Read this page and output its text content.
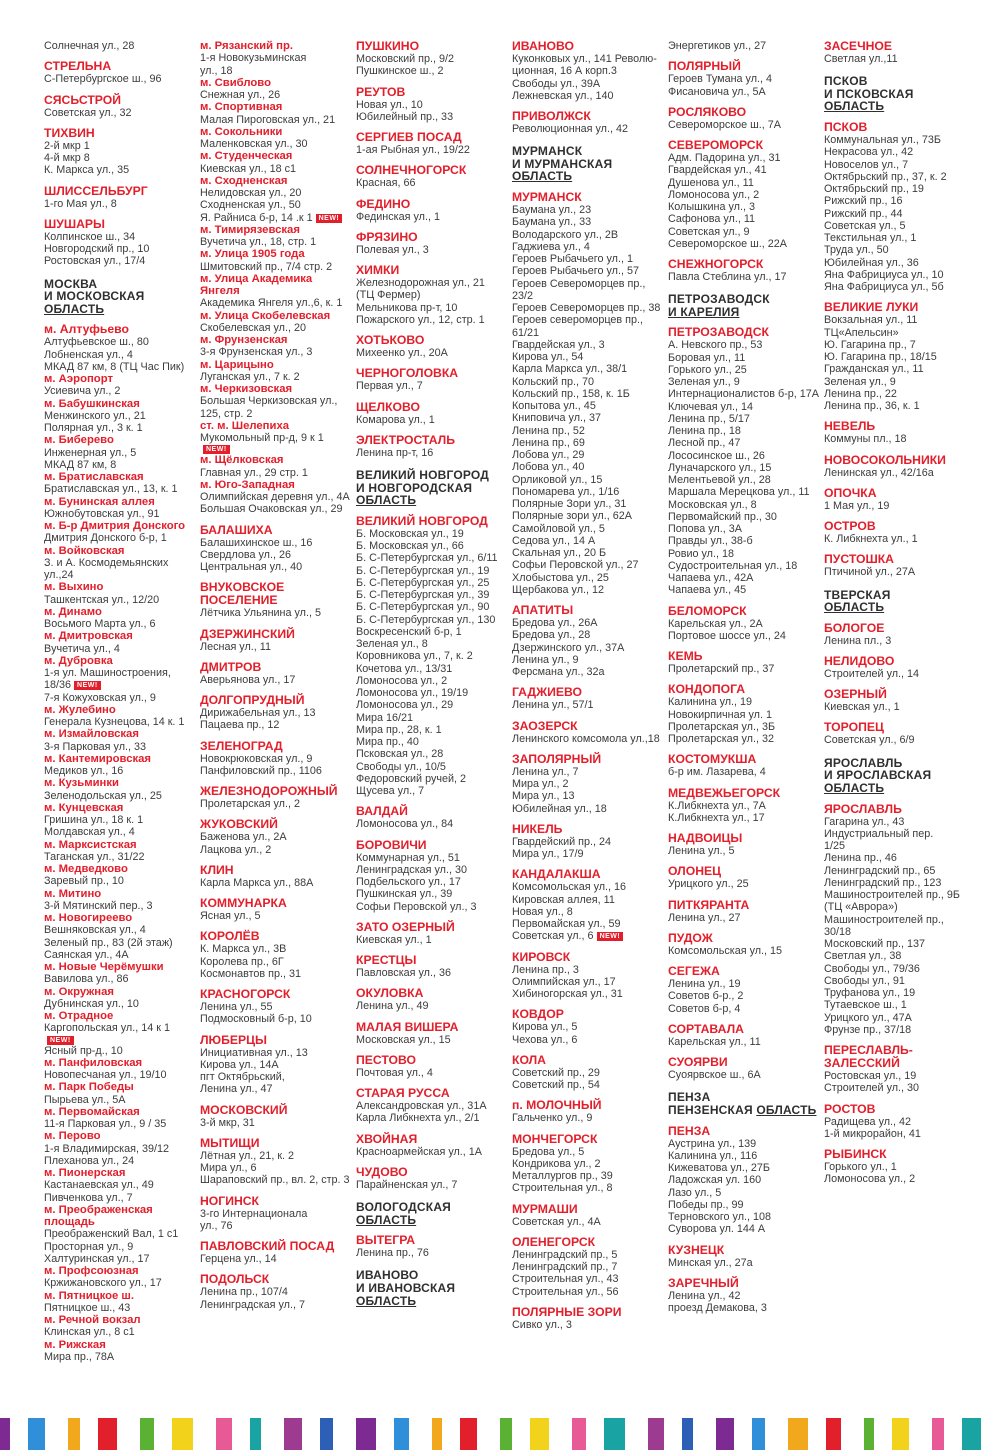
Солнечная ул., 28
СТРЕЛЬНА
С-Петербургское ш., 96
СЯСЬСТРОЙ
Советская ул., 32
ТИХВИН
2-й мкр 1
4-й мкр 8
К. Маркса ул., 35
ШЛИССЕЛЬБУРГ
1-го Мая ул., 8
ШУШАРЫ
Колпинское ш., 34
Новгородский пр., 10
Ростовская ул., 17/4
МОСКВА
И МОСКОВСКАЯ
ОБЛАСТЬ
м. Алтуфьево
Алтуфьевское ш., 80
Лобненская ул., 4
МКАД 87 км, 8 (ТЦ Час Пик)
м. Аэропорт
Усиевича ул., 2
м. Бабушкинская
Менжинского ул., 21
Полярная ул., 3 к. 1
м. Биберево
Инженерная ул., 5
МКАД 87 км, 8
м. Братиславская
Братиславская ул., 13, к. 1
м. Бунинская аллея
Южнобутовская ул., 91
м. Б-р Дмитрия Донского
Дмитрия Донского б-р, 1
м. Войковская
З. и А. Космодемьянских
ул.,24
м. Выхино
Ташкентская ул., 12/20
м. Динамо
Восьмого Марта ул., 6
м. Дмитровская
Вучетича ул., 4
м. Дубровка
1-я ул. Машиностроения,
18/36 NEW!
7-я Кожуховская ул., 9
м. Жулебино
Генерала Кузнецова, 14 к. 1
м. Измайловская
3-я Парковая ул., 33
м. Кантемировская
Медиков ул., 16
м. Кузьминки
Зеленодольская ул., 25
м. Кунцевская
Гришина ул., 18 к. 1
Молдавская ул., 4
м. Марксистская
Таганская ул., 31/22
м. Медведково
Заревый пр., 10
м. Митино
3-й Мятинский пер., 3
м. Новогиреево
Вешняковская ул., 4
Зеленый пр., 83 (2й этаж)
Саянская ул., 4А
м. Новые Черёмушки
Вавилова ул., 86
м. Окружная
Дубнинская ул., 10
м. Отрадное
Каргопольская ул., 14 к 1
NEW!
Ясный пр-д., 10
м. Панфиловская
Новопесчаная ул., 19/10
м. Парк Победы
Пырьева ул., 5А
м. Первомайская
11-я Парковая ул., 9 / 35
м. Перово
1-я Владимирская, 39/12
Плеханова ул., 24
м. Пионерская
Кастанаевская ул., 49
Пивченкова ул., 7
м. Преображенская
площадь
Преображенский Вал, 1 с1
Просторная ул., 9
Халтуринская ул., 17
м. Профсоюзная
Кржижановского ул., 17
м. Пятницкое ш.
Пятницкое ш., 43
м. Речной вокзал
Клинская ул., 8 с1
м. Рижская
Мира пр., 78А
м. Рязанский пр.
1-я Новокузьминская
ул., 18
м. Свиблово
Снежная ул., 26
м. Спортивная
Малая Пироговская ул., 21
м. Сокольники
Маленковская ул., 30
м. Студенческая
Киевская ул., 18 с1
м. Сходненская
Нелидовская ул., 20
Сходненская ул., 50
Я. Райниса б-р, 14 .к 1 NEW!
м. Тимирязевская
Вучетича ул., 18, стр. 1
м. Улица 1905 года
Шмитовский пр., 7/4 стр. 2
м. Улица Академика
Янгеля
Академика Янгеля ул.,6, к. 1
м. Улица Скобелевская
Скобелевская ул., 20
м. Фрунзенская
3-я Фрунзенская ул., 3
м. Царицыно
Луганская ул., 7 к. 2
м. Черкизовская
Большая Черкизовская ул.,
125, стр. 2
ст. м. Шелепиха
Мукомольный пр-д, 9 к 1
NEW!
м. Щёлковская
Главная ул., 29 стр. 1
м. Юго-Западная
Олимпийская деревня ул., 4А
Большая Очаковская ул., 29
БАЛАШИХА
Балашихинское ш., 16
Свердлова ул., 26
Центральная ул., 40
ВНУКОВСКОЕ
ПОСЕЛЕНИЕ
Лётчика Ульянина ул., 5
ДЗЕРЖИНСКИЙ
Лесная ул., 11
ДМИТРОВ
Аверьянова ул., 17
ДОЛГОПРУДНЫЙ
Дирижабельная ул., 13
Пацаева пр., 12
ЗЕЛЕНОГРАД
Новокрюковская ул., 9
Панфиловский пр., 1106
ЖЕЛЕЗНОДОРОЖНЫЙ
Пролетарская ул., 2
ЖУКОВСКИЙ
Баженова ул., 2А
Лацкова ул., 2
КЛИН
Карла Маркса ул., 88А
КОММУНАРКА
Ясная ул., 5
КОРОЛЁВ
К. Маркса ул., 3В
Королева пр., 6Г
Космонавтов пр., 31
КРАСНОГОРСК
Ленина ул., 55
Подмосковный б-р, 10
ЛЮБЕРЦЫ
Инициативная ул., 13
Кирова ул., 14А
пгт Октябрьский,
Ленина ул., 47
МОСКОВСКИЙ
3-й мкр, 31
МЫТИЩИ
Лётная ул., 21, к. 2
Мира ул., 6
Шараповский пр., вл. 2, стр. 3
НОГИНСК
3-го Интернационала
ул., 76
ПАВЛОВСКИЙ ПОСАД
Герцена ул., 14
ПОДОЛЬСК
Ленина пр., 107/4
Ленинградская ул., 7
ПУШКИНО
Московский пр., 9/2
Пушкинское ш., 2
РЕУТОВ
Новая ул., 10
Юбилейный пр., 33
СЕРГИЕВ ПОСАД
1-ая Рыбная ул., 19/22
СОЛНЕЧНОГОРСК
Красная, 66
ФЕДИНО
Фединская ул., 1
ФРЯЗИНО
Полевая ул., 3
ХИМКИ
Железнодорожная ул., 21
(ТЦ Фермер)
Мельникова пр-т, 10
Пожарского ул., 12, стр. 1
ХОТЬКОВО
Михеенко ул., 20А
ЧЕРНОГОЛОВКА
Первая ул., 7
ЩЕЛКОВО
Комарова ул., 1
ЭЛЕКТРОСТАЛЬ
Ленина пр-т, 16
ВЕЛИКИЙ НОВГОРОД
И НОВГОРОДСКАЯ
ОБЛАСТЬ
ВЕЛИКИЙ НОВГОРОД
Б. Московская ул., 19
Б. Московская ул., 66
Б. С-Петербургская ул., 6/11
Б. С-Петербургская ул., 19
Б. С-Петербургская ул., 25
Б. С-Петербургская ул., 39
Б. С-Петербургская ул., 90
Б. С-Петербургская ул., 130
Воскресенский б-р, 1
Зеленая ул., 8
Коровникова ул., 7, к. 2
Кочетова ул., 13/31
Ломоносова ул., 2
Ломоносова ул., 19/19
Ломоносова ул., 29
Мира 16/21
Мира пр., 28, к. 1
Мира пр., 40
Псковская ул., 28
Свободы ул., 10/5
Федоровский ручей, 2
Щусева ул., 7
ВАЛДАЙ
Ломоносова ул., 84
БОРОВИЧИ
Коммунарная ул., 51
Ленинградская ул., 30
Подбельского ул., 17
Пушкинская ул., 39
Софьи Перовской ул., 3
ЗАТО ОЗЕРНЫЙ
Киевская ул., 1
КРЕСТЦЫ
Павловская ул., 36
ОКУЛОВКА
Ленина ул., 49
МАЛАЯ ВИШЕРА
Московская ул., 15
ПЕСТОВО
Почтовая ул., 4
СТАРАЯ РУССА
Александровская ул., 31А
Карла Либкнехта ул., 2/1
ХВОЙНАЯ
Красноармейская ул., 1А
ЧУДОВО
Парайненская ул., 7
ВОЛОГОДСКАЯ
ОБЛАСТЬ
ВЫТЕГРА
Ленина пр., 76
ИВАНОВО
И ИВАНОВСКАЯ
ОБЛАСТЬ
ИВАНОВО
Куконковых ул., 141 Револю-
ционная, 16 А корп.3
Свободы ул., 39А
Лежневская ул., 140
ПРИВОЛЖСК
Революционная ул., 42
МУРМАНСК
И МУРМАНСКАЯ
ОБЛАСТЬ
МУРМАНСК
Баумана ул., 23
Баумана ул., 33
Володарского ул., 2В
Гаджиева ул., 4
Героев Рыбачьего ул., 1
Героев Рыбачьего ул., 57
Героев Североморцев пр.,
23/2
Героев Североморцев пр., 38
Героев североморцев пр.,
61/21
Гвардейская ул., 3
Кирова ул., 54
Карла Маркса ул., 38/1
Кольский пр., 70
Кольский пр., 158, к. 1Б
Копытова ул., 45
Книповича ул., 37
Ленина пр., 52
Ленина пр., 69
Лобова ул., 29
Лобова ул., 40
Орликовой ул., 15
Пономарева ул., 1/16
Полярные Зори ул., 31
Полярные зори ул., 62А
Самойловой ул., 5
Седова ул., 14 А
Скальная ул., 20 Б
Софьи Перовской ул., 27
Хлобыстова ул., 25
Щербакова ул., 12
АПАТИТЫ
Бредова ул., 26А
Бредова ул., 28
Дзержинского ул., 37А
Ленина ул., 9
Ферсмана ул., 32а
ГАДЖИЕВО
Ленина ул., 57/1
ЗАОЗЕРСК
Ленинского комсомола ул.,18
ЗАПОЛЯРНЫЙ
Ленина ул., 7
Мира ул., 2
Мира ул., 13
Юбилейная ул., 18
НИКЕЛЬ
Гвардейский пр., 24
Мира ул., 17/9
КАНДАЛАКША
Комсомольская ул., 16
Кировская аллея, 11
Новая ул., 8
Первомайская ул., 59
Советская ул., 6 NEW!
КИРОВСК
Ленина пр., 3
Олимпийская ул., 17
Хибиногорская ул., 31
КОВДОР
Кирова ул., 5
Чехова ул., 6
КОЛА
Советский пр., 29
Советский пр., 54
п. МОЛОЧНЫЙ
Гальченко ул., 9
МОНЧЕГОРСК
Бредова ул., 5
Кондрикова ул., 2
Металлургов пр., 39
Строительная ул., 8
МУРМАШИ
Советская ул., 4А
ОЛЕНЕГОРСК
Ленинградский пр., 5
Ленинградский пр., 7
Строительная ул., 43
Строительная ул., 56
ПОЛЯРНЫЕ ЗОРИ
Сивко ул., 3
Энергетиков ул., 27
ПОЛЯРНЫЙ
Героев Тумана ул., 4
Фисановича ул., 5А
РОСЛЯКОВО
Североморское ш., 7А
СЕВЕРОМОРСК
Адм. Падорина ул., 31
Гвардейская ул., 41
Душенова ул., 11
Ломоносова ул., 2
Колышкина ул., 3
Сафонова ул., 11
Советская ул., 9
Североморское ш., 22А
СНЕЖНОГОРСК
Павла Стеблина ул., 17
ПЕТРОЗАВОДСК
И КАРЕЛИЯ
ПЕТРОЗАВОДСК
А. Невского пр., 53
Боровая ул., 11
Горького ул., 25
Зеленая ул., 9
Интернационалистов б-р, 17А
Ключевая ул., 14
Ленина пр., 5/17
Ленина пр., 18
Лесной пр., 47
Лососинское ш., 26
Луначарского ул., 15
Мелентьевой ул., 28
Маршала Мерецкова ул., 11
Московская ул., 8
Первомайский пр., 30
Попова ул., 3А
Правды ул., 38-б
Ровио ул., 18
Судостроительная ул., 18
Чапаева ул., 42А
Чапаева ул., 45
БЕЛОМОРСК
Карельская ул., 2А
Портовое шоссе ул., 24
КЕМЬ
Пролетарский пр., 37
КОНДОПОГА
Калинина ул., 19
Новокирпичная ул. 1
Пролетарская ул., 3Б
Пролетарская ул., 32
КОСТОМУКША
б-р им. Лазарева, 4
МЕДВЕЖЬЕГОРСК
К.Либкнехта ул., 7А
К.Либкнехта ул., 17
НАДВОИЦЫ
Ленина ул., 5
ОЛОНЕЦ
Урицкого ул., 25
ПИТКЯРАНТА
Ленина ул., 27
ПУДОЖ
Комсомольская ул., 15
СЕГЕЖА
Ленина ул., 19
Советов б-р., 2
Советов б-р, 4
СОРТАВАЛА
Карельская ул., 11
СУОЯРВИ
Суоярвское ш., 6А
ПЕНЗА
ПЕНЗЕНСКАЯ ОБЛАСТЬ
ПЕНЗА
Аустрина ул., 139
Калинина ул., 116
Кижеватова ул., 27Б
Ладожская ул. 160
Лазо ул., 5
Победы пр., 99
Терновского ул., 108
Суворова ул. 144 А
КУЗНЕЦК
Минская ул., 27а
ЗАРЕЧНЫЙ
Ленина ул., 42
проезд Демакова, 3
ЗАСЕЧНОЕ
Светлая ул.,11
ПСКОВ
И ПСКОВСКАЯ
ОБЛАСТЬ
ПСКОВ
Коммунальная ул., 73Б
Некрасова ул., 42
Новоселов ул., 7
Октябрьский пр., 37, к. 2
Октябрьский пр., 19
Рижский пр., 16
Рижский пр., 44
Советская ул., 5
Текстильная ул., 1
Труда ул., 50
Юбилейная ул., 36
Яна Фабрициуса ул., 10
Яна Фабрициуса ул., 5б
ВЕЛИКИЕ ЛУКИ
Вокзальная ул., 11
ТЦ«Апельсин»
Ю. Гагарина пр., 7
Ю. Гагарина пр., 18/15
Гражданская ул., 11
Зеленая ул., 9
Ленина пр., 22
Ленина пр., 36, к. 1
НЕВЕЛЬ
Коммуны пл., 18
НОВОСОКОЛЬНИКИ
Ленинская ул., 42/16а
ОПОЧКА
1 Мая ул., 19
ОСТРОВ
К. Либкнехта ул., 1
ПУСТОШКА
Птичиной ул., 27А
ТВЕРСКАЯ
ОБЛАСТЬ
БОЛОГОЕ
Ленина пл., 3
НЕЛИДОВО
Строителей ул., 14
ОЗЕРНЫЙ
Киевская ул., 1
ТОРОПЕЦ
Советская ул., 6/9
ЯРОСЛАВЛЬ
И ЯРОСЛАВСКАЯ
ОБЛАСТЬ
ЯРОСЛАВЛЬ
Гагарина ул., 43
Индустриальный пер.
1/25
Ленина пр., 46
Ленинградский пр., 65
Ленинградский пр., 123
Машиностроителей пр., 9Б
(ТЦ «Аврора»)
Машиностроителей пр.,
30/18
Московский пр., 137
Светлая ул., 38
Свободы ул., 79/36
Свободы ул., 91
Труфанова ул., 19
Тутаевское ш., 1
Урицкого ул., 47А
Фрунзе пр., 37/18
ПЕРЕСЛАВЛЬ-
ЗАЛЕССКИЙ
Ростовская ул., 19
Строителей ул., 30
РОСТОВ
Радищева ул., 42
1-й микрорайон, 41
РЫБИНСК
Горького ул., 1
Ломоносова ул., 2
